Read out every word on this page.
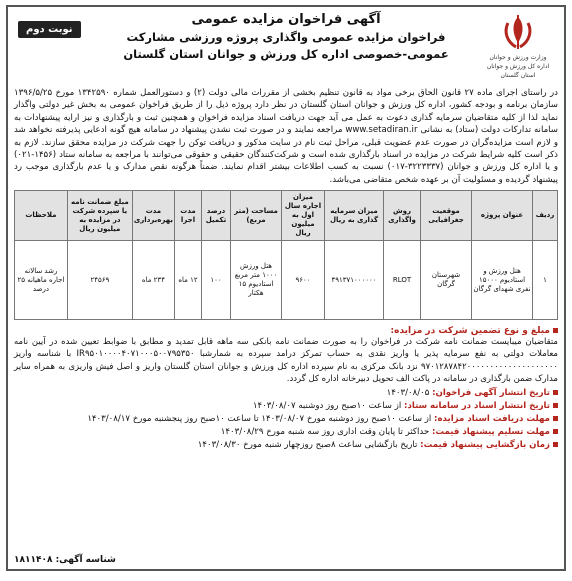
وزارت ورزش و جوانان
اداره کل ورزش و جوانان
استان گلستان
آگهی فراخوان مزایده عمومی
فراخوان مزایده عمومی واگذاری پروژه ورزشی مشارکت
عمومی-خصوصی اداره کل ورزش و جوانان استان گلستان
نوبت دوم
در راستای اجرای ماده ۲۷ قانون الحاق برخی مواد به قانون تنظیم بخشی از مقررات مالی دولت (۲) و دستورالعمل شماره ۱۳۴۲۵۹۰ مورخ ۱۳۹۶/۵/۲۵ سازمان برنامه و بودجه کشور، اداره کل ورزش و جوانان استان گلستان در نظر دارد پروژه ذیل را از طریق فراخوان عمومی به بخش غیر دولتی واگذار نماید لذا از کلیه متقاضیان سرمایه گذاری دعوت به عمل می آید جهت دریافت اسناد مزایده فراخوان و همچنین ثبت و بارگذاری و نیز ارایه پیشنهادات به سامانه تدارکات دولت (ستاد) به نشانی www.setadiran.ir مراجعه نمایند و در صورت ثبت نشدن پیشنهاد در سامانه هیچ گونه ادعایی پذیرفته نخواهد شد و لازم است مزایده‌گران در صورت عدم عضویت قبلی، مراحل ثبت نام در سایت مذکور و دریافت توکن را جهت شرکت در مزایده محقق سازند. لازم به ذکر است کلیه شرایط شرکت در مزایده در اسناد بارگذاری شده است و شرکت‌کنندگان حقیقی و حقوقی می‌توانند با مراجعه به سامانه ستاد (۱۴۵۶-۰۲۱) و یا اداره کل ورزش و جوانان (۳۲۲۳۳۳۷-۰۱۷) نسبت به کسب اطلاعات بیشتر اقدام نمایند. ضمناً هرگونه نقص مدارک و یا عدم بارگذاری موجب رد پیشنهاد گردیده و مسئولیت آن بر عهده شخص متقاضی می‌باشد.
ردیف	عنوان پروژه	موقعیت جغرافیایی	روش واگذاری	میزان سرمایه گذاری به ریال	میزان اجاره سال اول به میلیون ریال	مساحت (متر مربع)	درصد تکمیل	مدت اجرا	مدت بهره‌برداری	مبلغ ضمانت نامه یا سپرده شرکت در مزایده به میلیون ریال	ملاحظات
۱	هتل ورزش و استادیوم ۱۵۰۰۰ نفری شهدای گرگان	شهرستان گرگان	RLOT	۴۹۱۳۷۱۰۰۰۰۰۰	۹۶۰۰	هتل ورزش ۱۰۰۰ متر مربع استادیوم ۱۵ هکتار	۱۰۰	۱۲ ماه	۲۳۴ ماه	۲۴۵۶۹	رشد سالانه اجاره ماهیانه ۲۵ درصد
مبلغ و نوع تضمین شرکت در مزایده:
متقاضیان میبایست ضمانت نامه شرکت در فراخوان را به صورت ضمانت نامه بانکی سه ماهه قابل تمدید و مطابق با ضوابط تعیین شده در آیین نامه معاملات دولتی به نفع سرمایه پذیر یا واریز نقدی به حساب تمرکز درامد سپرده به شمارشبا IR۹۵۰۱۰۰۰۰۴۰۷۱۰۰۰۵۰۰۷۹۵۳۵۰ با شناسه واریز ۹۷۰۱۲۸۷۸۴۲۰۰۰۰۰۰۰۰۰۰۰۰۰۰۰۰۰۰۰۰ نزد بانک مرکزی به نام سپرده اداره کل ورزش و جوانان استان گلستان واریز و اصل فیش واریزی به همراه سایر مدارک ضمن بارگذاری در سامانه در پاکت الف تحویل دبیرخانه اداره کل گردد.
تاریخ انتشار آگهی فراخوان: ۱۴۰۳/۰۸/۰۵
تاریخ انتشار اسناد در سامانه ستاد: از ساعت ۱۰صبح روز دوشنبه ۱۴۰۳/۰۸/۰۷
مهلت دریافت اسناد مزایده: از ساعت ۱۰صبح روز دوشنبه مورخ ۱۴۰۳/۰۸/۰۷ تا ساعت ۱۰صبح روز پنجشنبه مورخ ۱۴۰۳/۰۸/۱۷
مهلت تسلیم پیشنهاد قیمت: حداکثر تا پایان وقت اداری روز سه شنبه مورخ ۱۴۰۳/۰۸/۲۹
زمان بازگشایی پیشنهاد قیمت: تاریخ بازگشایی ساعت ۸صبح روزچهار شنبه مورخ ۱۴۰۳/۰۸/۳۰
شناسه آگهی: ۱۸۱۱۴۰۸
